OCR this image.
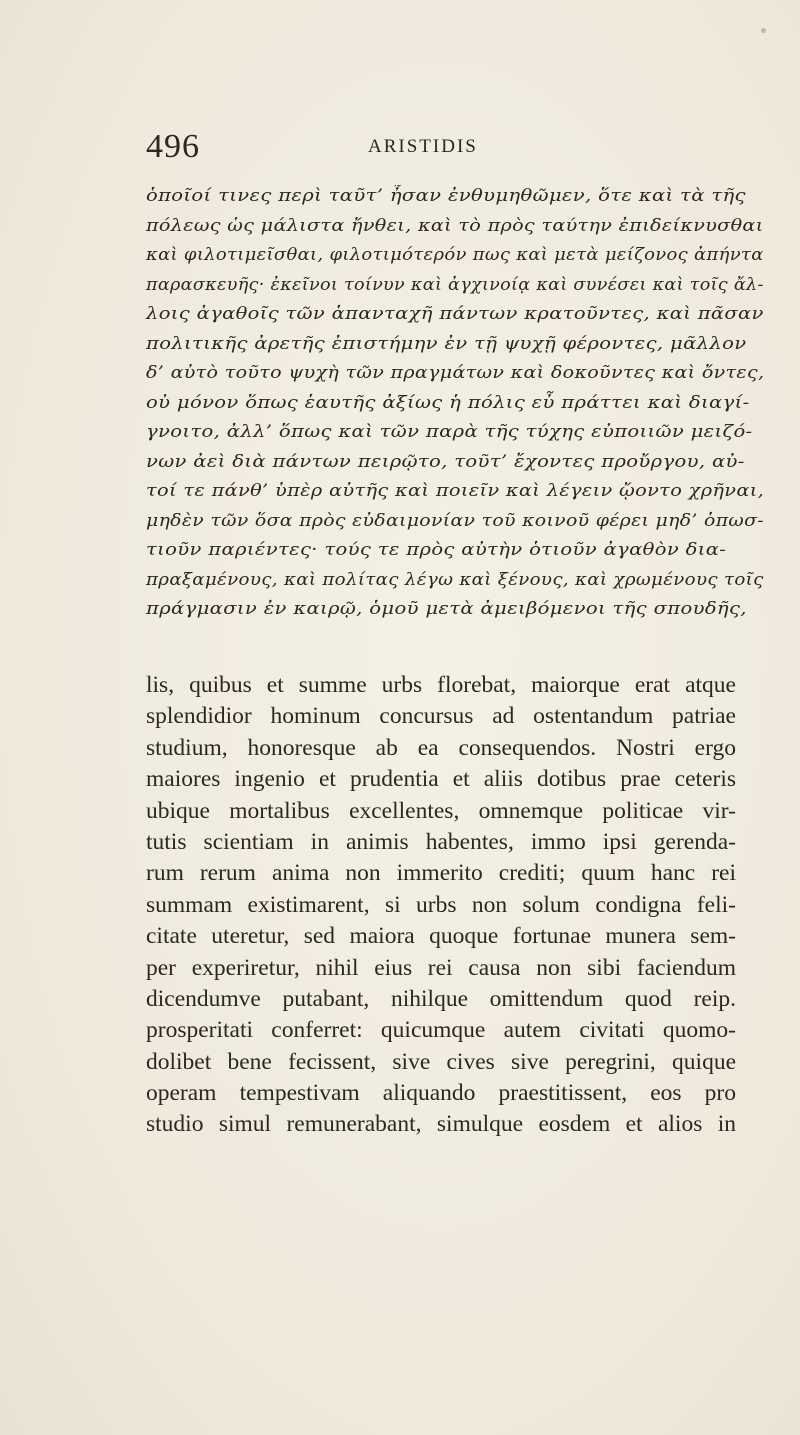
496	ARISTIDIS
ὁποῖοί τινες περὶ ταῦτ’ ἦσαν ἐνθυμηθῶμεν, ὅτε καὶ τὰ τῆς
πόλεως ὡς μάλιστα ἤνθει, καὶ τὸ πρὸς ταύτην ἐπιδείκνυσθαι
καὶ φιλοτιμεῖσθαι, φιλοτιμότερόν πως καὶ μετὰ μείζονος ἀπήντα
παρασκευῆς· ἐκεῖνοι τοίνυν καὶ ἀγχινοίᾳ καὶ συνέσει καὶ τοῖς ἄλ-
λοις ἀγαθοῖς τῶν ἁπανταχῆ πάντων κρατοῦντες, καὶ πᾶσαν
πολιτικῆς ἀρετῆς ἐπιστήμην ἐν τῇ ψυχῇ φέροντες, μᾶλλον
δ’ αὐτὸ τοῦτο ψυχὴ τῶν πραγμάτων καὶ δοκοῦντες καὶ ὄντες,
οὐ μόνον ὅπως ἑαυτῆς ἀξίως ἡ πόλις εὖ πράττει καὶ διαγί-
γνοιτο, ἀλλ’ ὅπως καὶ τῶν παρὰ τῆς τύχης εὐποιιῶν μειζό-
νων ἀεὶ διὰ πάντων πειρῷτο, τοῦτ’ ἔχοντες προὔργου, αὐ-
τοί τε πάνθ’ ὑπὲρ αὐτῆς καὶ ποιεῖν καὶ λέγειν ᾤοντο χρῆναι,
μηδὲν τῶν ὅσα πρὸς εὐδαιμονίαν τοῦ κοινοῦ φέρει μηδ’ ὁπωσ-
τιοῦν παριέντες· τούς τε πρὸς αὐτὴν ὁτιοῦν ἀγαθὸν δια-
πραξαμένους, καὶ πολίτας λέγω καὶ ξένους, καὶ χρωμένους τοῖς
πράγμασιν ἐν καιρῷ, ὁμοῦ μετὰ ἀμειβόμενοι τῆς σπουδῆς,
lis, quibus et summe urbs florebat, maiorque erat atque
splendidior hominum concursus ad ostentandum patriae
studium, honoresque ab ea consequendos. Nostri ergo
maiores ingenio et prudentia et aliis dotibus prae ceteris
ubique mortalibus excellentes, omnemque politicae vir-
tutis scientiam in animis habentes, immo ipsi gerenda-
rum rerum anima non immerito crediti; quum hanc rei
summam existimarent, si urbs non solum condigna feli-
citate uteretur, sed maiora quoque fortunae munera sem-
per experiretur, nihil eius rei causa non sibi faciendum
dicendumve putabant, nihilque omittendum quod reip.
prosperitati conferret: quicumque autem civitati quomo-
dolibet bene fecissent, sive cives sive peregrini, quique
operam tempestivam aliquando praestitissent, eos pro
studio simul remunerabant, simulque eosdem et alios in
